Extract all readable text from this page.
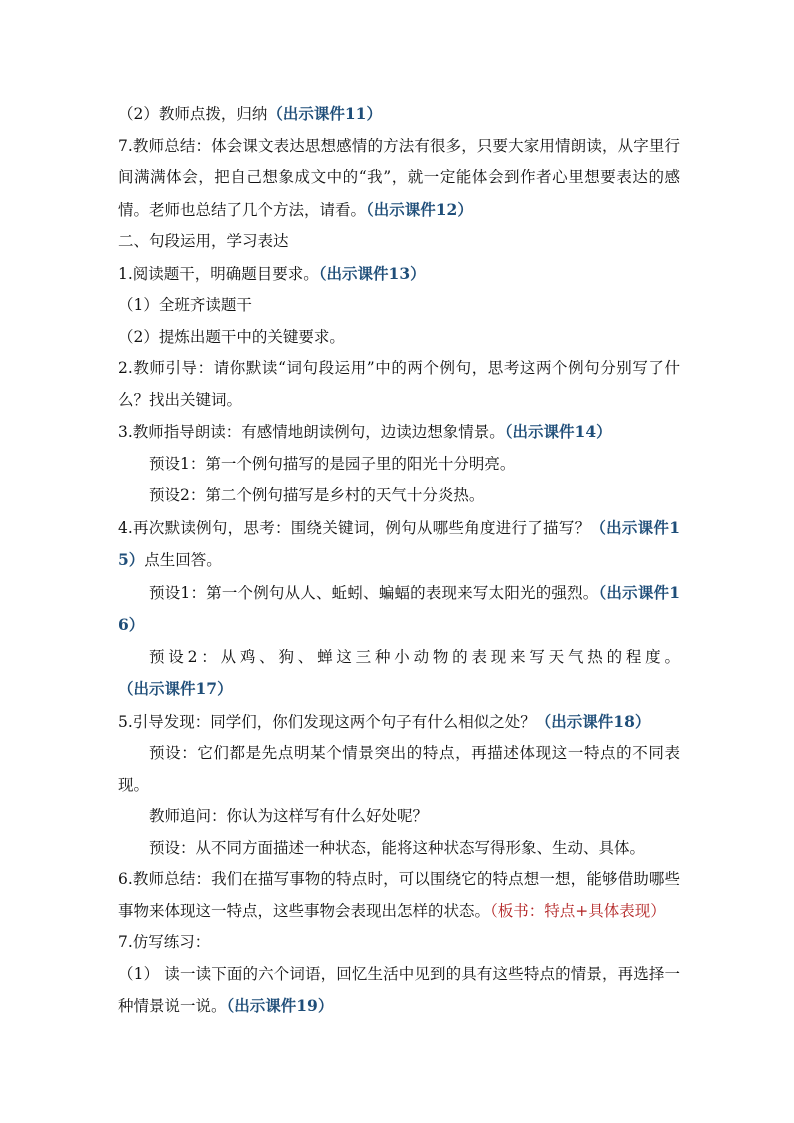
（2）教师点拨，归纳（出示课件11）

7.教师总结：体会课文表达思想感情的方法有很多，只要大家用情朗读，从字里行间满满体会，把自己想象成文中的“我”，就一定能体会到作者心里想要表达的感情。老师也总结了几个方法，请看。（出示课件12）

二、句段运用，学习表达

1.阅读题干，明确题目要求。（出示课件13）

（1）全班齐读题干

（2）提炼出题干中的关键要求。

2.教师引导：请你默读“词句段运用”中的两个例句，思考这两个例句分别写了什么？找出关键词。

3.教师指导朗读：有感情地朗读例句，边读边想象情景。（出示课件14）

预设1：第一个例句描写的是园子里的阳光十分明亮。

预设2：第二个例句描写是乡村的天气十分炎热。

4.再次默读例句，思考：围绕关键词，例句从哪些角度进行了描写？（出示课件15）点生回答。

预设1：第一个例句从人、蚯蚓、蝙蝠的表现来写太阳光的强烈。（出示课件16）

预设2：从鸡、狗、蝉这三种小动物的表现来写天气热的程度。（出示课件17）

5.引导发现：同学们，你们发现这两个句子有什么相似之处？（出示课件18）

预设：它们都是先点明某个情景突出的特点，再描述体现这一特点的不同表现。

教师追问：你认为这样写有什么好处呢？

预设：从不同方面描述一种状态，能将这种状态写得形象、生动、具体。

6.教师总结：我们在描写事物的特点时，可以围绕它的特点想一想，能够借助哪些事物来体现这一特点，这些事物会表现出怎样的状态。（板书：特点+具体表现）

7.仿写练习：

（1） 读一读下面的六个词语，回忆生活中见到的具有这些特点的情景，再选择一种情景说一说。（出示课件19）
